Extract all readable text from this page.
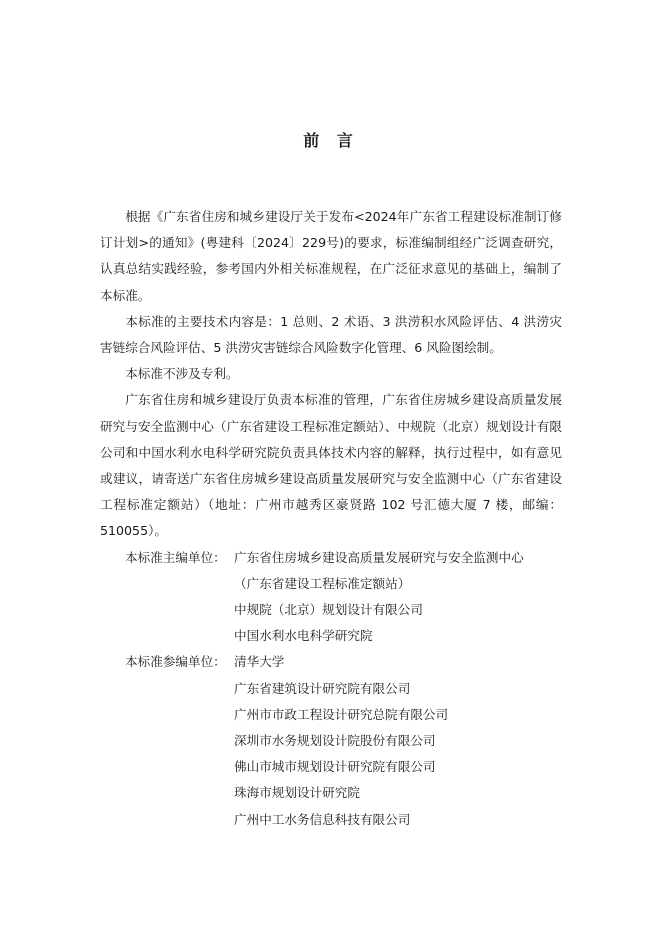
前 言

根据《广东省住房和城乡建设厅关于发布<2024年广东省工程建设标准制订修订计划>的通知》(粤建科〔2024〕229号)的要求，标准编制组经广泛调查研究，认真总结实践经验，参考国内外相关标准规程，在广泛征求意见的基础上，编制了本标准。

本标准的主要技术内容是：1 总则、2 术语、3 洪涝积水风险评估、4 洪涝灾害链综合风险评估、5 洪涝灾害链综合风险数字化管理、6 风险图绘制。

本标准不涉及专利。

广东省住房和城乡建设厅负责本标准的管理，广东省住房城乡建设高质量发展研究与安全监测中心（广东省建设工程标准定额站）、中规院（北京）规划设计有限公司和中国水利水电科学研究院负责具体技术内容的解释，执行过程中，如有意见或建议，请寄送广东省住房城乡建设高质量发展研究与安全监测中心（广东省建设工程标准定额站）（地址：广州市越秀区豪贤路 102 号汇德大厦 7 楼，邮编：510055）。

本标准主编单位： 广东省住房城乡建设高质量发展研究与安全监测中心
（广东省建设工程标准定额站）
中规院（北京）规划设计有限公司
中国水利水电科学研究院
本标准参编单位： 清华大学
广东省建筑设计研究院有限公司
广州市市政工程设计研究总院有限公司
深圳市水务规划设计院股份有限公司
佛山市城市规划设计研究院有限公司
珠海市规划设计研究院
广州中工水务信息科技有限公司
